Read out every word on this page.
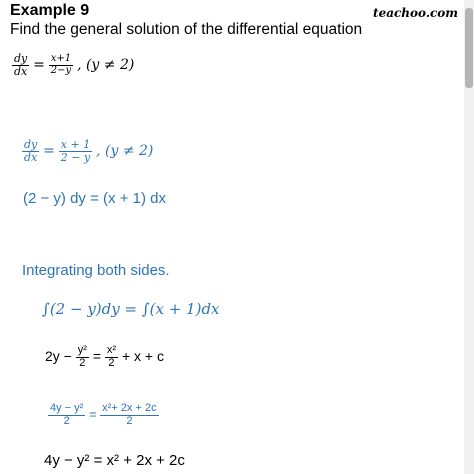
teachoo.com
Example 9
Find the general solution of the differential equation
$\frac{dy}{dx} = \frac{x+1}{2-y}$ , (y ≠ 2)
$\frac{dy}{dx} = \frac{x + 1}{2 - y}$ , (y ≠ 2)
(2 − y) dy = (x + 1) dx
Integrating both sides.
∫(2 − y)dy = ∫(x + 1)dx
$2y - \frac{\text{y²}}{2} = \frac{\text{x²}}{2} + x + c$
$\frac{\text{4y − y²}}{2} = \frac{\text{x²+ 2x + 2c}}{2}$
4y − y² = x² + 2x + 2c
